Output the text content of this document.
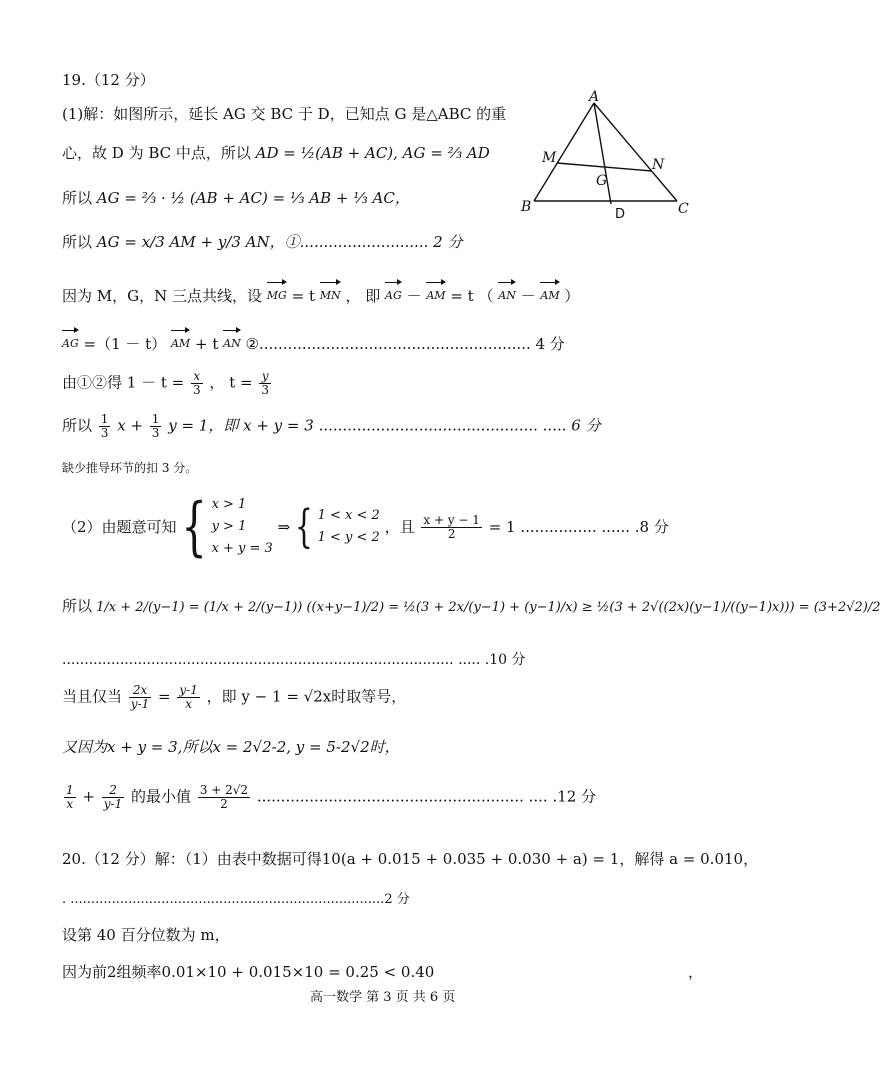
19.（12 分）
(1)解：如图所示，延长 AG 交 BC 于 D，已知点 G 是△ABC 的重
心，故 D 为 BC 中点，所以 AD = ½(AB + AC), AG = ⅔ AD
所以 AG = ⅔ · ½ (AB + AC) = ⅓ AB + ⅓ AC，
所以 AG = x/3 AM + y/3 AN，①........................... 2 分
因为 M，G，N 三点共线，设 MG = t MN ， 即 AG － AM = t （ AN － AM ）
AG =（1 － t） AM + t AN ②......................................................... 4 分
由①②得 $1 - t = \frac{x}{3}$ ， $t = \frac{y}{3}$
所以 $\frac{1}{3}$ $x + \frac{1}{3}$ y = 1，即 x + y = 3 .............................................. ..... 6 分
缺少推导环节的扣 3 分。
（2）由题意可知 { x > 1
y > 1
x + y = 3
⇒ { 1 < x < 2
1 < y < 2
，且 $\frac{x + y - 1}{2} = 1$ ................ ...... .8 分
所以 1/x + 2/(y−1) = (1/x + 2/(y−1)) ((x+y−1)/2) = ½(3 + 2x/(y−1) + (y−1)/x) ≥ ½(3 + 2√((2x)(y−1)/((y−1)x))) = (3+2√2)/2
........................................................................................ ..... .10 分
当且仅当 $\frac{2x}{y-1} = \frac{y-1}{x}$ ，即 y − 1 = √2x时取等号，
又因为x + y = 3,所以x = 2√2-2, y = 5-2√2时，
$\frac{1}{x} + \frac{2}{y-1}$ 的最小值 $\frac{3 + 2√2}{2}$ ........................................................ .... .12 分
A
M	N
G
B	C
D
20.（12 分）解：（1）由表中数据可得10(a + 0.015 + 0.035 + 0.030 + a) = 1，解得 a = 0.010，
. ............................................................................2 分
设第 40 百分位数为 m，
因为前2组频率0.01×10 + 0.015×10 = 0.25 < 0.40	，
高一数学 第 3 页 共 6 页
